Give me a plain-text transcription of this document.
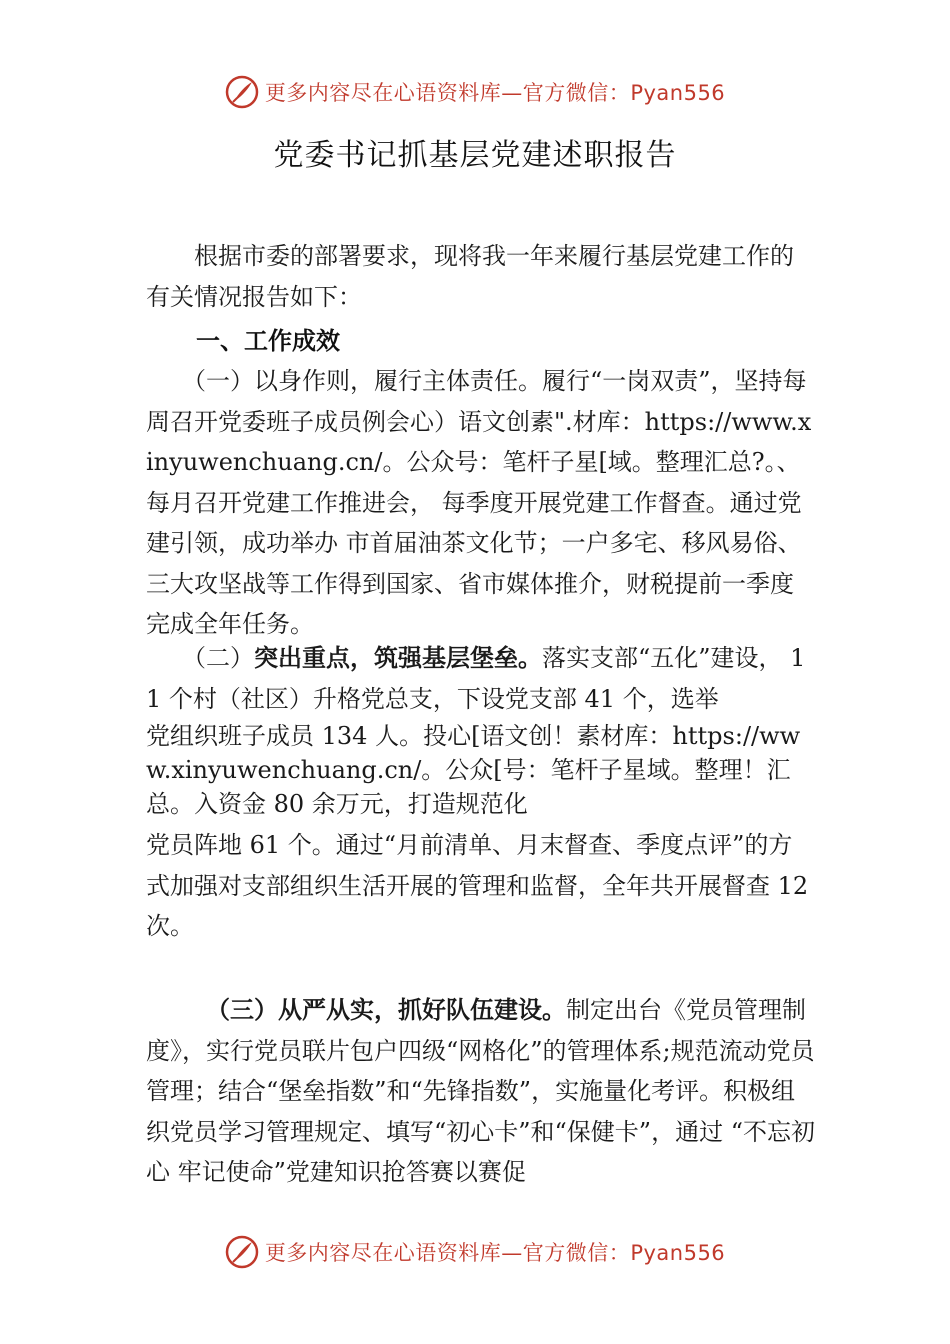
更多内容尽在心语资料库—官方微信：Pyan556
党委书记抓基层党建述职报告

根据市委的部署要求，现将我一年来履行基层党建工作的有关情况报告如下：

一、工作成效

（一）以身作则，履行主体责任。履行“一岗双责”，坚持每周召开党委班子成员例会心）语文创素".材库：https://www.xinyuwenchuang.cn/。公众号：笔杆子星[域。整理汇总?。、每月召开党建工作推进会， 每季度开展党建工作督查。通过党建引领，成功举办 市首届油茶文化节；一户多宅、移风易俗、三大攻坚战等工作得到国家、省市媒体推介，财税提前一季度完成全年任务。

（二）突出重点，筑强基层堡垒。落实支部“五化”建设， 11 个村（社区）升格党总支，下设党支部 41 个，选举

党组织班子成员 134 人。投心[语文创！素材库：https://www.xinyuwenchuang.cn/。公众[号：笔杆子星域。整理！汇总。入资金 80 余万元，打造规范化

党员阵地 61 个。通过“月前清单、月末督查、季度点评”的方式加强对支部组织生活开展的管理和监督，全年共开展督查 12 次。

（三）从严从实，抓好队伍建设。制定出台《党员管理制度》，实行党员联片包户四级“网格化”的管理体系;规范流动党员管理；结合“堡垒指数”和“先锋指数”，实施量化考评。积极组织党员学习管理规定、填写“初心卡”和“保健卡”，通过 “不忘初心 牢记使命”党建知识抢答赛以赛促

更多内容尽在心语资料库—官方微信：Pyan556
